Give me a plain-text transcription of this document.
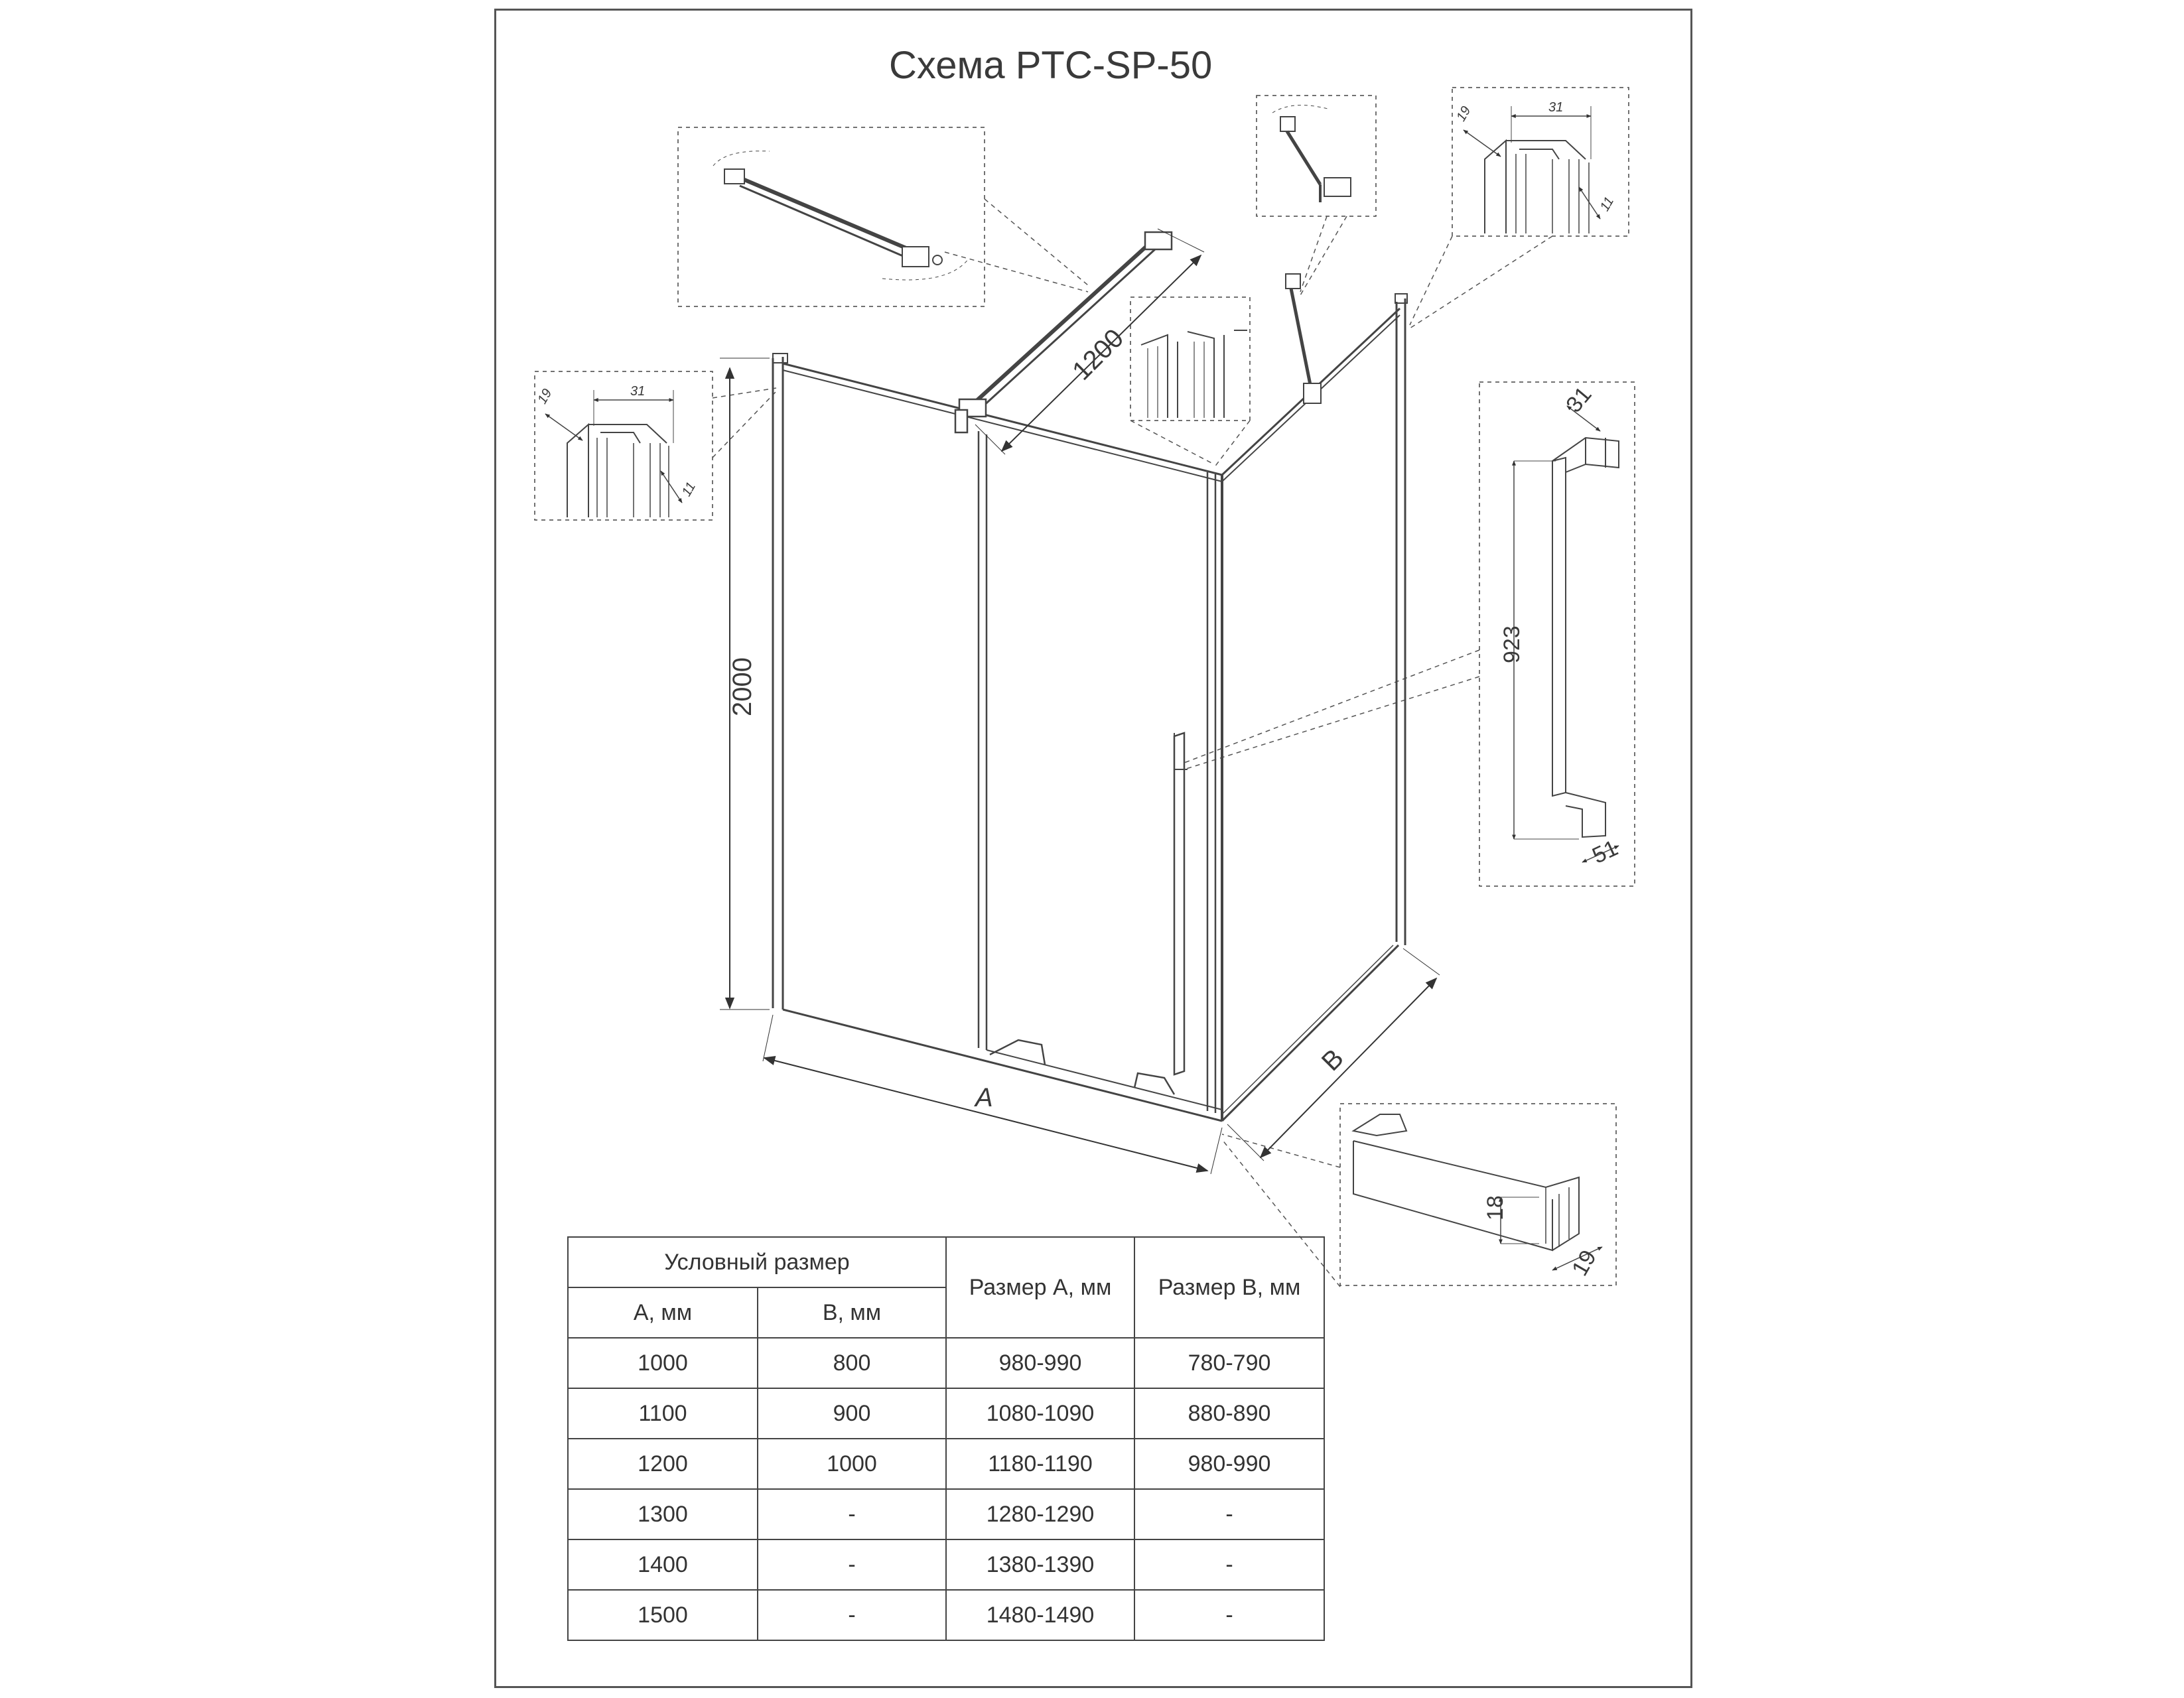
Схема PTC-SP-50
31
19
11
31
19
11
923
31
51
18
19
2000
1200
A
B
Условный размер		Размер А, мм	Размер В, мм
А, мм	В, мм		
1000	800	980-990	780-790
1100	900	1080-1090	880-890
1200	1000	1180-1190	980-990
1300	-	1280-1290	-
1400	-	1380-1390	-
1500	-	1480-1490	-
